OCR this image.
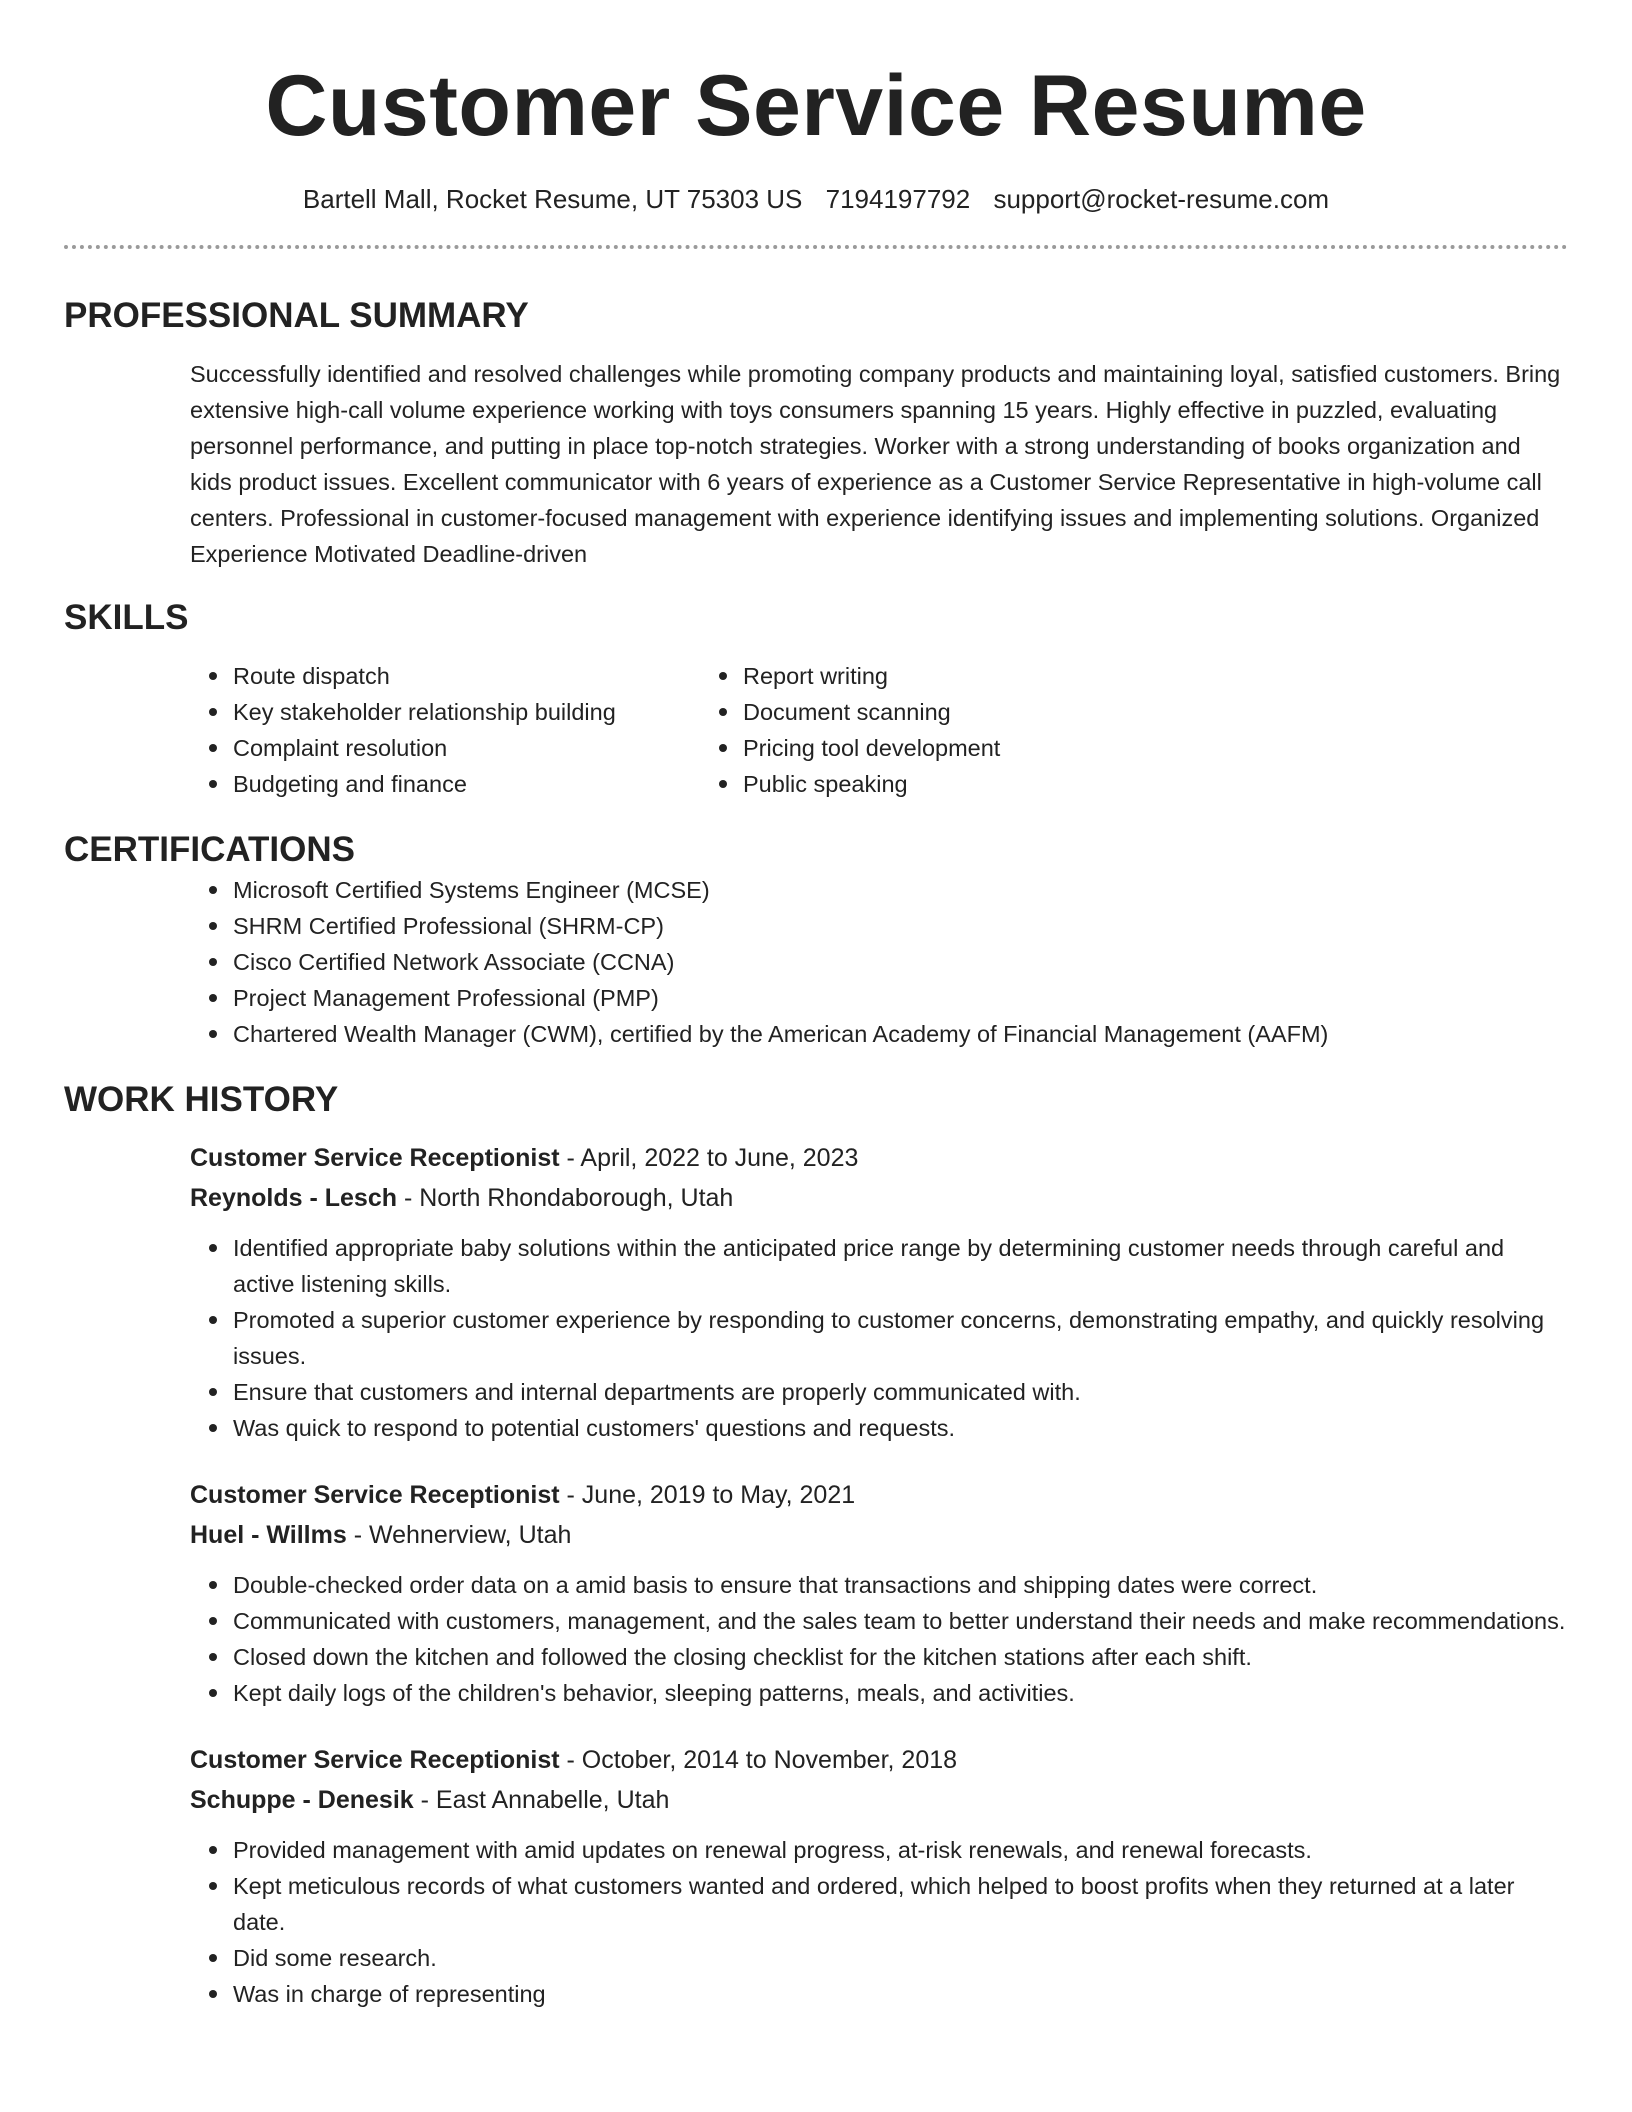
Customer Service Resume
Bartell Mall, Rocket Resume, UT 75303 US 7194197792 support@rocket-resume.com
PROFESSIONAL SUMMARY

Successfully identified and resolved challenges while promoting company products and maintaining loyal, satisfied customers. Bring extensive high-call volume experience working with toys consumers spanning 15 years. Highly effective in puzzled, evaluating personnel performance, and putting in place top-notch strategies. Worker with a strong understanding of books organization and kids product issues. Excellent communicator with 6 years of experience as a Customer Service Representative in high-volume call centers. Professional in customer-focused management with experience identifying issues and implementing solutions. Organized Experience Motivated Deadline-driven

SKILLS
Route dispatch
Key stakeholder relationship building
Complaint resolution
Budgeting and finance
Report writing
Document scanning
Pricing tool development
Public speaking
CERTIFICATIONS
Microsoft Certified Systems Engineer (MCSE)
SHRM Certified Professional (SHRM-CP)
Cisco Certified Network Associate (CCNA)
Project Management Professional (PMP)
Chartered Wealth Manager (CWM), certified by the American Academy of Financial Management (AAFM)
WORK HISTORY
Customer Service Receptionist - April, 2022 to June, 2023
Reynolds - Lesch - North Rhondaborough, Utah
Identified appropriate baby solutions within the anticipated price range by determining customer needs through careful and active listening skills.
Promoted a superior customer experience by responding to customer concerns, demonstrating empathy, and quickly resolving issues.
Ensure that customers and internal departments are properly communicated with.
Was quick to respond to potential customers' questions and requests.
Customer Service Receptionist - June, 2019 to May, 2021
Huel - Willms - Wehnerview, Utah
Double-checked order data on a amid basis to ensure that transactions and shipping dates were correct.
Communicated with customers, management, and the sales team to better understand their needs and make recommendations.
Closed down the kitchen and followed the closing checklist for the kitchen stations after each shift.
Kept daily logs of the children's behavior, sleeping patterns, meals, and activities.
Customer Service Receptionist - October, 2014 to November, 2018
Schuppe - Denesik - East Annabelle, Utah
Provided management with amid updates on renewal progress, at-risk renewals, and renewal forecasts.
Kept meticulous records of what customers wanted and ordered, which helped to boost profits when they returned at a later date.
Did some research.
Was in charge of representing
